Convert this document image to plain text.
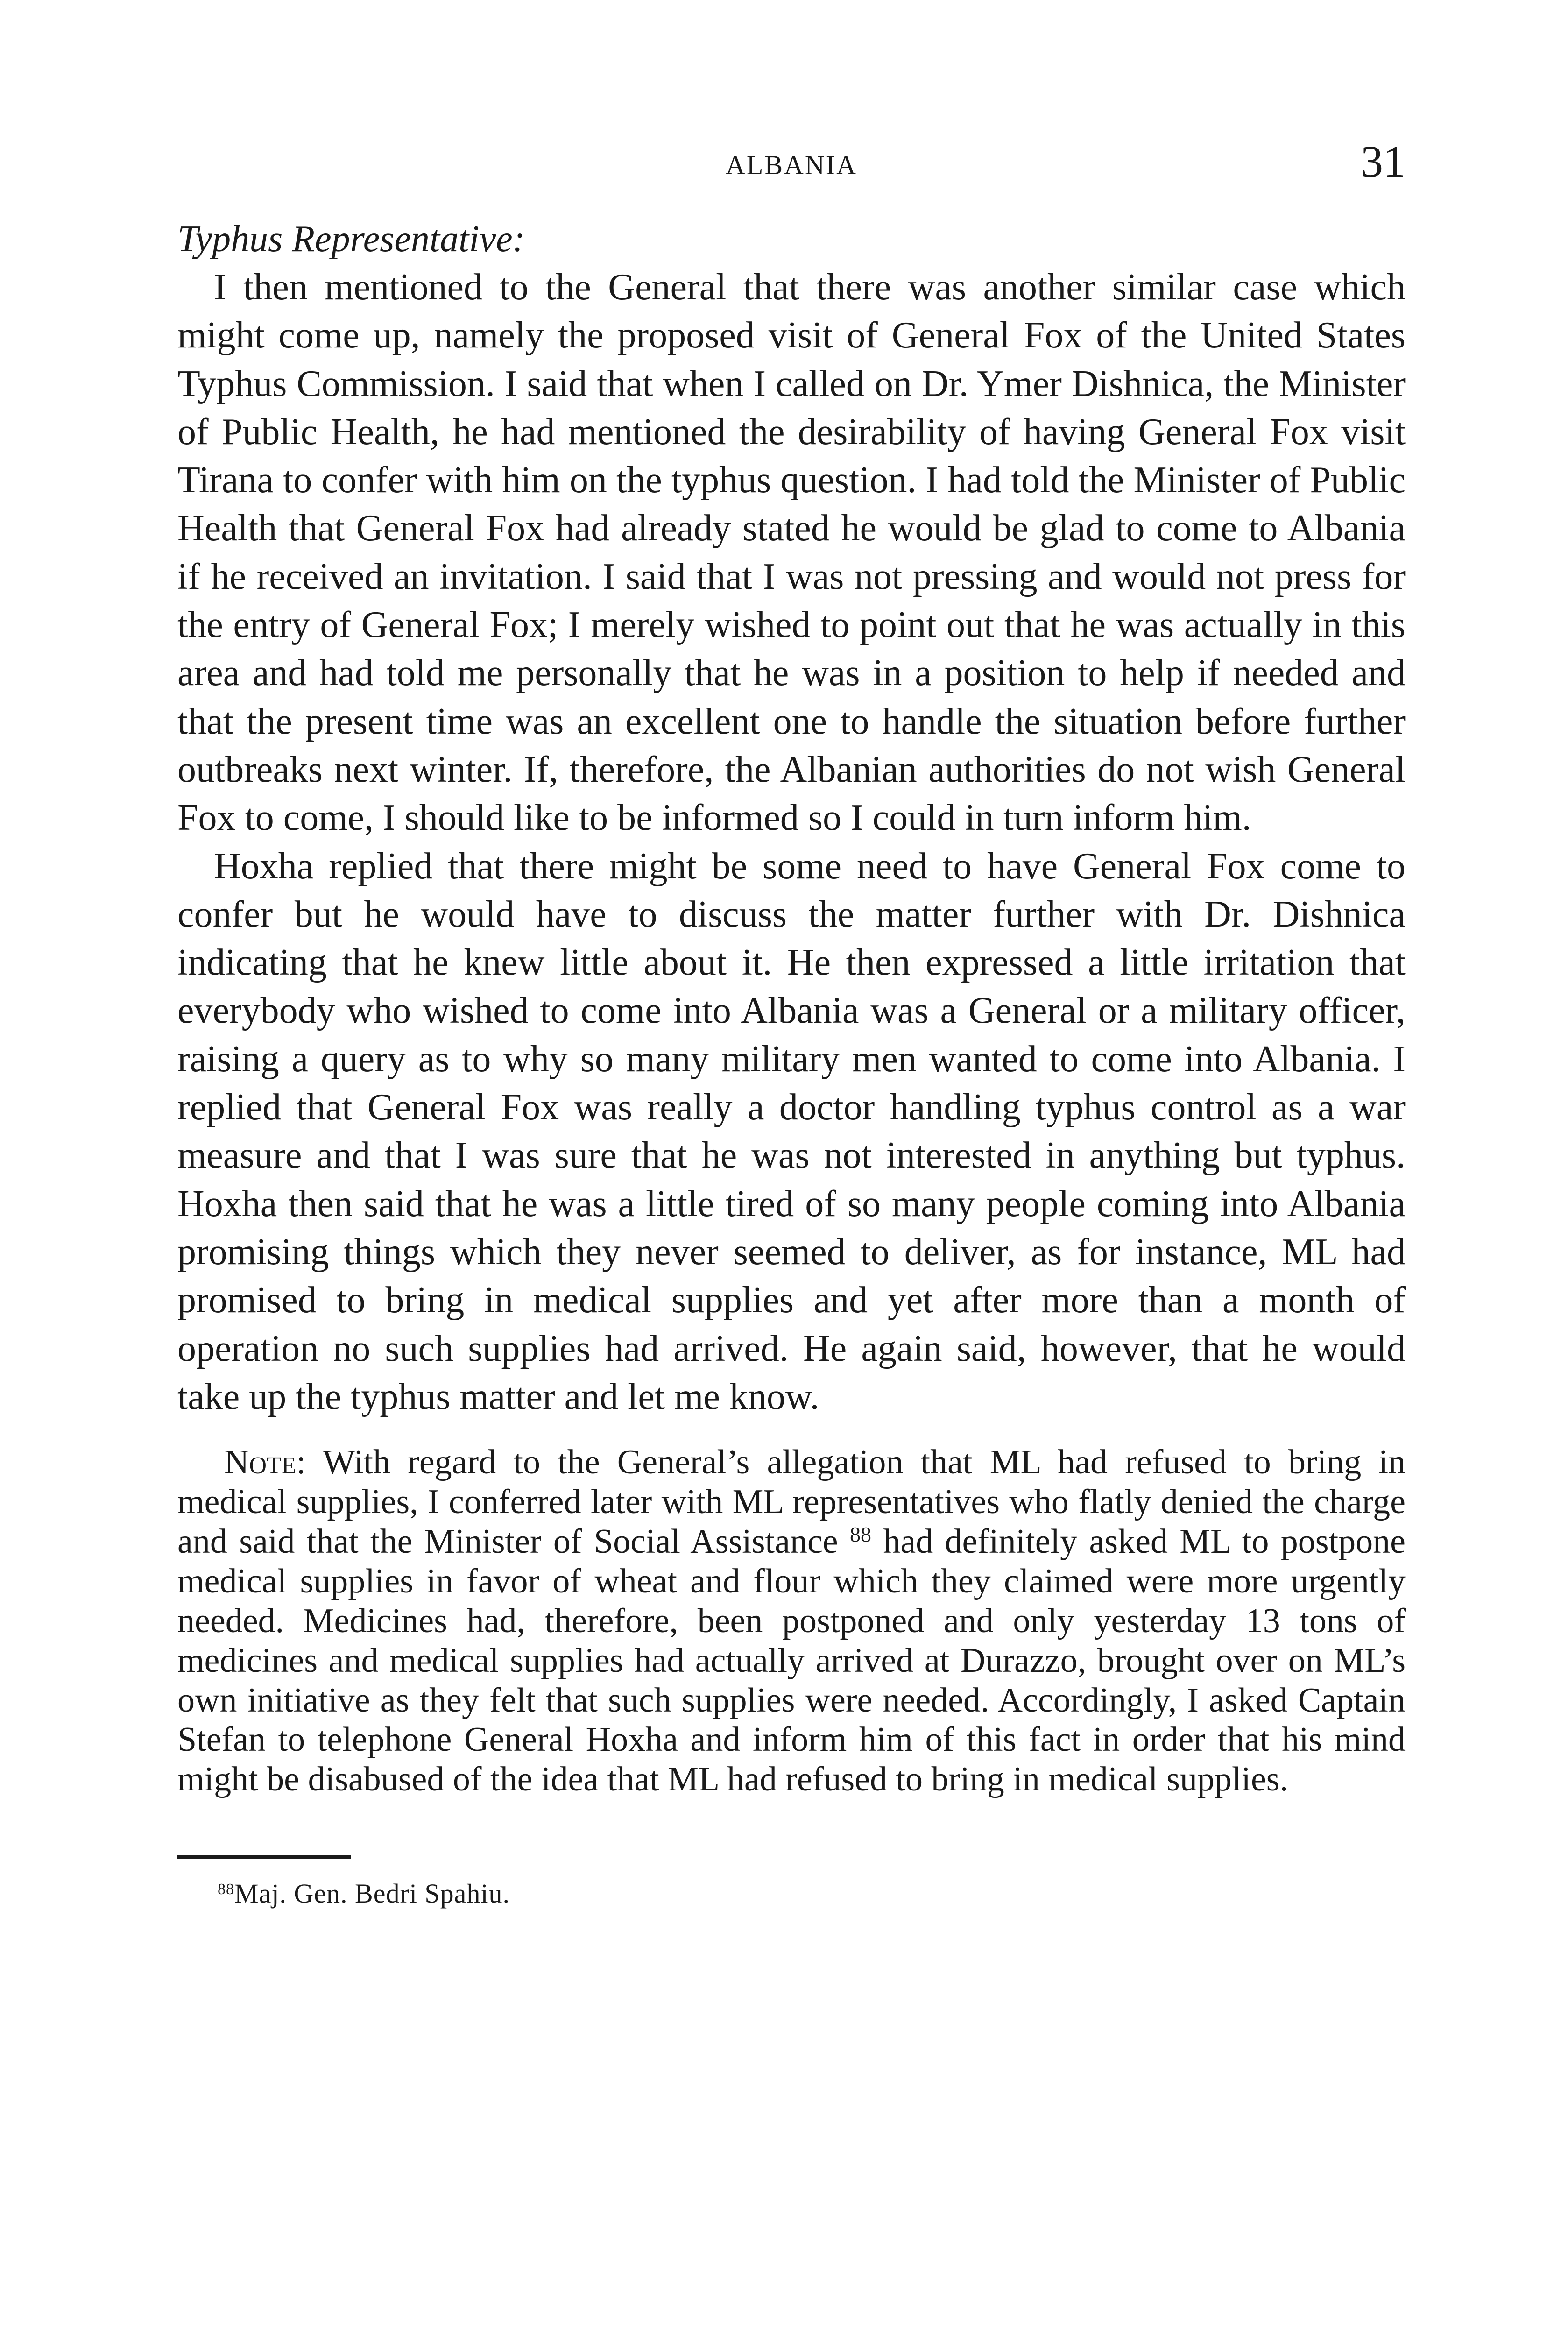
ALBANIA	31

Typhus Representative:

I then mentioned to the General that there was another similar case which might come up, namely the proposed visit of General Fox of the United States Typhus Commission. I said that when I called on Dr. Ymer Dishnica, the Minister of Public Health, he had mentioned the desirability of having General Fox visit Tirana to confer with him on the typhus question. I had told the Minister of Public Health that General Fox had already stated he would be glad to come to Albania if he received an invitation. I said that I was not pressing and would not press for the entry of General Fox; I merely wished to point out that he was actually in this area and had told me personally that he was in a position to help if needed and that the present time was an excellent one to handle the situation before further outbreaks next winter. If, therefore, the Albanian authorities do not wish General Fox to come, I should like to be informed so I could in turn inform him.

Hoxha replied that there might be some need to have General Fox come to confer but he would have to discuss the matter further with Dr. Dishnica indicating that he knew little about it. He then expressed a little irritation that everybody who wished to come into Albania was a General or a military officer, raising a query as to why so many military men wanted to come into Albania. I replied that General Fox was really a doctor handling typhus control as a war measure and that I was sure that he was not interested in anything but typhus. Hoxha then said that he was a little tired of so many people coming into Albania promising things which they never seemed to deliver, as for instance, ML had promised to bring in medical supplies and yet after more than a month of operation no such supplies had arrived. He again said, however, that he would take up the typhus matter and let me know.

Note: With regard to the General’s allegation that ML had refused to bring in medical supplies, I conferred later with ML representatives who flatly denied the charge and said that the Minister of Social Assistance $^{88}$ had definitely asked ML to postpone medical supplies in favor of wheat and flour which they claimed were more urgently needed. Medicines had, therefore, been postponed and only yesterday 13 tons of medicines and medical supplies had actually arrived at Durazzo, brought over on ML’s own initiative as they felt that such supplies were needed. Accordingly, I asked Captain Stefan to telephone General Hoxha and inform him of this fact in order that his mind might be disabused of the idea that ML had refused to bring in medical supplies.

$^{88}$Maj. Gen. Bedri Spahiu.
